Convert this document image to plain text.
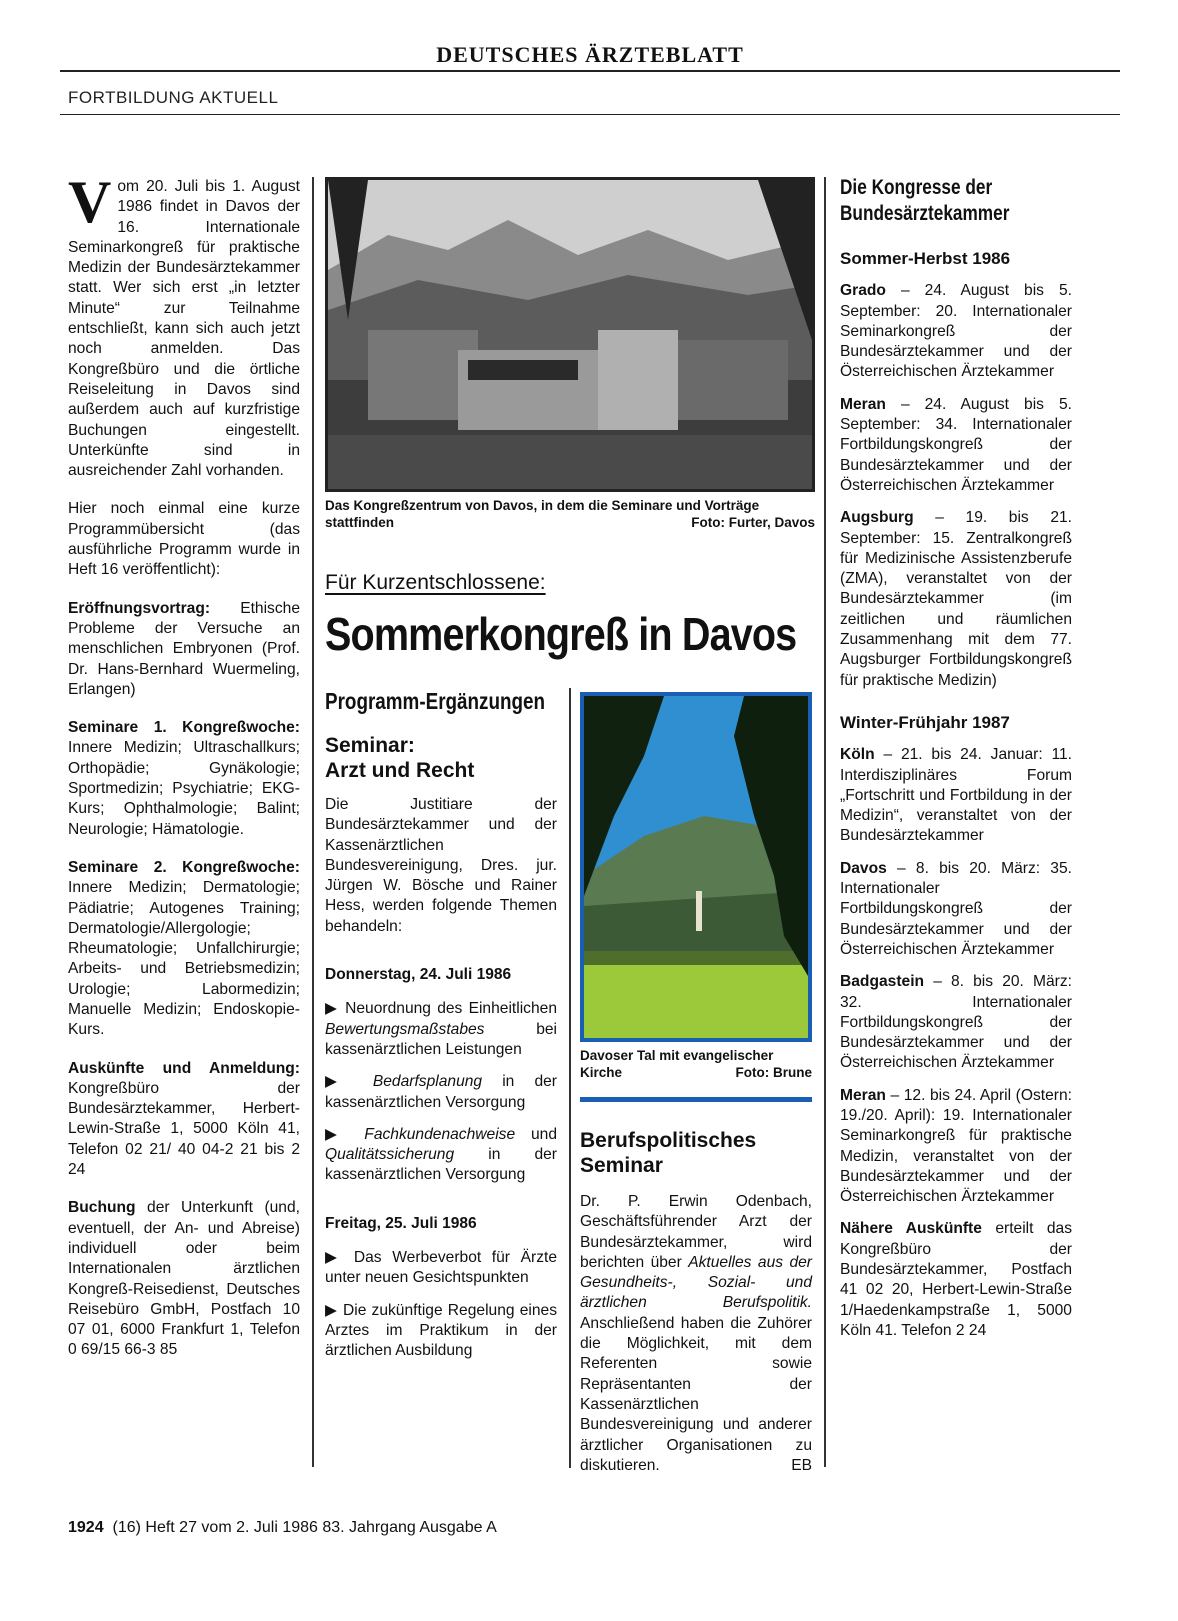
DEUTSCHES ÄRZTEBLATT
FORTBILDUNG AKTUELL

Vom 20. Juli bis 1. August 1986 findet in Davos der 16. Internationale Seminarkongreß für praktische Medizin der Bundesärztekammer statt. Wer sich erst „in letzter Minute“ zur Teilnahme entschließt, kann sich auch jetzt noch anmelden. Das Kongreßbüro und die örtliche Reiseleitung in Davos sind außerdem auch auf kurzfristige Buchungen eingestellt. Unterkünfte sind in ausreichender Zahl vorhanden.

Hier noch einmal eine kurze Programmübersicht (das ausführliche Programm wurde in Heft 16 veröffentlicht):

Eröffnungsvortrag: Ethische Probleme der Versuche an menschlichen Embryonen (Prof. Dr. Hans-Bernhard Wuermeling, Erlangen)

Seminare 1. Kongreßwoche: Innere Medizin; Ultraschallkurs; Orthopädie; Gynäkologie; Sportmedizin; Psychiatrie; EKG-Kurs; Ophthalmologie; Balint; Neurologie; Hämatologie.

Seminare 2. Kongreßwoche: Innere Medizin; Dermatologie; Pädiatrie; Autogenes Training; Dermatologie/Allergologie; Rheumatologie; Unfallchirurgie; Arbeits- und Betriebsmedizin; Urologie; Labormedizin; Manuelle Medizin; Endoskopie-Kurs.

Auskünfte und Anmeldung: Kongreßbüro der Bundesärztekammer, Herbert-Lewin-Straße 1, 5000 Köln 41, Telefon 02 21/ 40 04-2 21 bis 2 24

Buchung der Unterkunft (und, eventuell, der An- und Abreise) individuell oder beim Internationalen ärztlichen Kongreß-Reisedienst, Deutsches Reisebüro GmbH, Postfach 10 07 01, 6000 Frankfurt 1, Telefon 0 69/15 66-3 85

Das Kongreßzentrum von Davos, in dem die Seminare und Vorträge stattfinden	Foto: Furter, Davos
Für Kurzentschlossene:
Sommerkongreß in Davos
Programm-Ergänzungen
Seminar:
Arzt und Recht

Die Justitiare der Bundesärztekammer und der Kassenärztlichen Bundesvereinigung, Dres. jur. Jürgen W. Bösche und Rainer Hess, werden folgende Themen behandeln:

Donnerstag, 24. Juli 1986

▶ Neuordnung des Einheitlichen Bewertungsmaßstabes	bei kassenärztlichen Leistungen

▶ Bedarfsplanung in der kassenärztlichen Versorgung

▶ Fachkundenachweise und Qualitätssicherung in der kassenärztlichen Versorgung

Freitag, 25. Juli 1986

▶ Das Werbeverbot für Ärzte unter neuen Gesichtspunkten

▶ Die zukünftige Regelung eines Arztes im Praktikum in der ärztlichen Ausbildung

Davoser Tal mit evangelischer Kirche	Foto: Brune
Berufspolitisches
Seminar

Dr. P. Erwin Odenbach, Geschäftsführender Arzt der Bundesärztekammer, wird berichten über Aktuelles aus der Gesundheits-, Sozial- und ärztlichen Berufspolitik. Anschließend haben die Zuhörer die Möglichkeit, mit dem Referenten sowie Repräsentanten der Kassenärztlichen Bundesvereinigung und anderer ärztlicher Organisationen zu diskutieren.	EB

Die Kongresse der
Bundesärztekammer
Sommer-Herbst 1986

Grado – 24. August bis 5. September: 20. Internationaler Seminarkongreß der Bundesärztekammer und der Österreichischen Ärztekammer

Meran – 24. August bis 5. September: 34. Internationaler Fortbildungskongreß der Bundesärztekammer und der Österreichischen Ärztekammer

Augsburg – 19. bis 21. September: 15. Zentralkongreß für Medizinische Assistenzberufe (ZMA), veranstaltet von der Bundesärztekammer (im zeitlichen und räumlichen Zusammenhang mit dem 77. Augsburger Fortbildungskongreß für praktische Medizin)

Winter-Frühjahr 1987

Köln – 21. bis 24. Januar: 11. Interdisziplinäres Forum „Fortschritt und Fortbildung in der Medizin“, veranstaltet von der Bundesärztekammer

Davos – 8. bis 20. März: 35. Internationaler Fortbildungskongreß der Bundesärztekammer und der Österreichischen Ärztekammer

Badgastein – 8. bis 20. März: 32. Internationaler Fortbildungskongreß der Bundesärztekammer und der Österreichischen Ärztekammer

Meran – 12. bis 24. April (Ostern: 19./20. April): 19. Internationaler Seminarkongreß für praktische Medizin, veranstaltet von der Bundesärztekammer und der Österreichischen Ärztekammer

Nähere Auskünfte erteilt das Kongreßbüro der Bundesärztekammer, Postfach 41 02 20, Herbert-Lewin-Straße 1/Haedenkampstraße 1, 5000 Köln 41. Telefon 2 24

1924 (16) Heft 27 vom 2. Juli 1986 83. Jahrgang Ausgabe A
